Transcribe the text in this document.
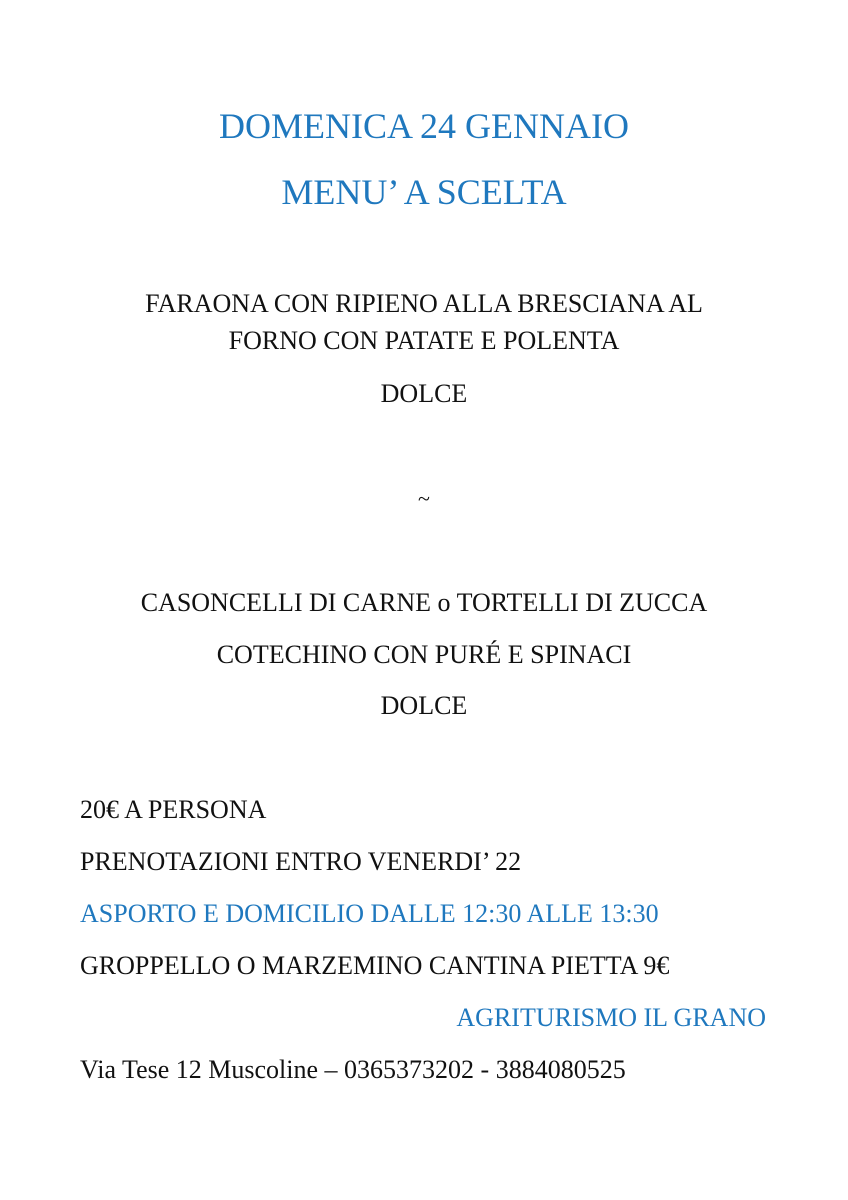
DOMENICA 24 GENNAIO
MENU’ A SCELTA
FARAONA CON RIPIENO ALLA BRESCIANA AL
FORNO CON PATATE E POLENTA
DOLCE
~
CASONCELLI DI CARNE o TORTELLI DI ZUCCA
COTECHINO CON PURÉ E SPINACI
DOLCE
20€ A PERSONA
PRENOTAZIONI ENTRO VENERDI’ 22
ASPORTO E DOMICILIO DALLE 12:30 ALLE 13:30
GROPPELLO O MARZEMINO CANTINA PIETTA 9€
AGRITURISMO IL GRANO
Via Tese 12 Muscoline – 0365373202 - 3884080525
